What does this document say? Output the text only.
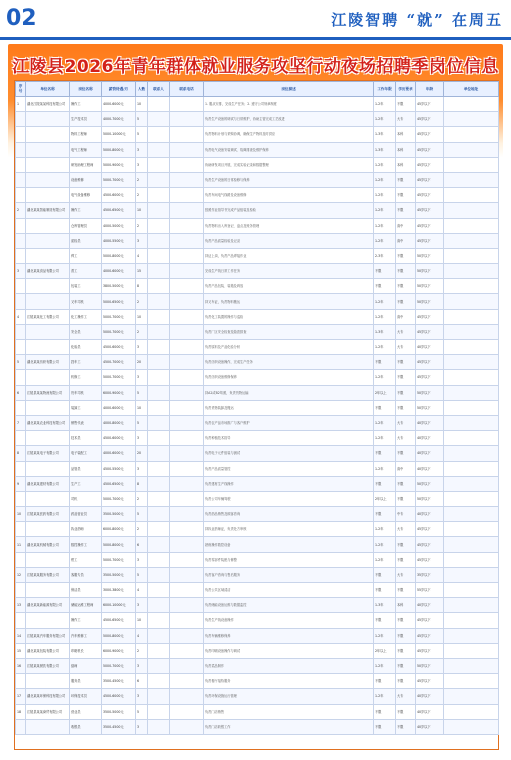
02	江陵智聘 “就” 在周五
江陵县2026年青年群体就业服务攻坚行动夜场招聘季岗位信息
序号	单位名称	岗位名称	薪资待遇/月	人数	联系人	联系电话	岗位描述	工作年限	学历要求	年龄	单位地址
1	湖北江陵某某科技有限公司	操作工	4000-6000元	10			1. 服从安排，完成生产任务；2. 遵守公司规章制度	1-2年	不限	45岁以下	
		生产技术员	4000-7000元	5			负责生产设备的调试与日常维护，协助主管完成工艺改进	1-2年	大专	45岁以下	
		物料工程师	5000-10000元	5			负责物料计划与采购协调，确保生产物料及时供应	1-3年	本科	45岁以下	
		电气工程师	5000-8000元	3			负责电气设备安装调试、故障排查及维护保养	1-3年	本科	45岁以下	
		研发助理工程师	5000-9000元	3			协助研发项目开展，完成实验记录和数据整理	1-2年	本科	45岁以下	
		设备维修	5000-7000元	2			负责生产设备的日常检修与保养	1-2年	不限	45岁以下	
		电气设备维修	4500-6000元	2			负责车间电气线路及设备维修	1-2年	不限	45岁以下	
2	湖北某某智能制造有限公司	操作工	4500-6500元	10			按照作业指导书完成产品组装及检验	1-2年	不限	45岁以下	
		仓库管理员	4000-5000元	2			负责物料出入库登记、盘点及账务管理	1-2年	高中	45岁以下	
		质检员	4000-5500元	3			负责产品质量检验及记录	1-2年	高中	45岁以下	
		焊工	5000-8000元	4			持证上岗，负责产品焊接作业	2-3年	不限	50岁以下	
3	湖北某某食品有限公司	普工	4000-6000元	15			完成生产线日常工作任务	不限	不限	50岁以下	
		包装工	3800-5000元	8			负责产品包装、装箱及码放	不限	不限	50岁以下	
		叉车司机	5000-6500元	2			持叉车证，负责物料搬运	1-2年	不限	50岁以下	
4	江陵某某化工有限公司	化工操作工	5000-7000元	10			负责化工装置的操作与巡检	1-2年	高中	45岁以下	
		安全员	5000-7000元	2			负责厂区安全检查及隐患排查	1-3年	大专	45岁以下	
		化验员	4500-6000元	3			负责原料及产品化验分析	1-2年	大专	40岁以下	
5	湖北某某纺织有限公司	挡车工	4500-7000元	20			负责纺织设备操作，完成生产任务	不限	不限	45岁以下	
		机修工	5000-7000元	3			负责纺织设备维修保养	1-2年	不限	45岁以下	
6	江陵县某某物流有限公司	货车司机	6000-9000元	5			持A2或B2驾照，负责货物运输	2年以上	不限	50岁以下	
		装卸工	4000-6000元	10			负责货物装卸及搬运	不限	不限	50岁以下	
7	湖北某某农业科技有限公司	销售代表	4000-8000元	5			负责农产品市场推广与客户维护	1-2年	大专	40岁以下	
		技术员	4500-6000元	3			负责种植技术指导	1-2年	大专	40岁以下	
8	江陵某某电子有限公司	电子装配工	4000-6000元	20			负责电子元件组装与测试	不限	不限	40岁以下	
		品管员	4500-5500元	3			负责产品质量管控	1-2年	高中	40岁以下	
9	湖北某某建材有限公司	生产工	4500-6500元	8			负责建材生产线操作	不限	不限	50岁以下	
		司机	5000-7000元	2			负责公司车辆驾驶	2年以上	不限	50岁以下	
10	江陵某某医药有限公司	药品营业员	3500-5000元	5			负责药品销售及顾客咨询	不限	中专	40岁以下	
		执业药师	6000-8000元	2			持执业药师证，负责处方审核	1-2年	大专	45岁以下	
11	湖北某某机械有限公司	数控操作工	5000-8000元	6			熟练操作数控设备	1-2年	不限	45岁以下	
		钳工	5000-7000元	3			负责零部件装配与修整	1-2年	不限	45岁以下	
12	江陵某某服务有限公司	客服专员	3500-5000元	5			负责客户咨询与售后服务	不限	大专	35岁以下	
		保洁员	3000-3800元	4			负责公共区域清洁	不限	不限	55岁以下	
13	湖北某某新能源有限公司	储能运维工程师	6000-10000元	3			负责储能设备运维与数据监控	1-3年	本科	40岁以下	
		操作工	4500-6500元	10			负责生产线设备操作	不限	不限	45岁以下	
14	江陵某某汽车服务有限公司	汽车维修工	5000-8000元	4			负责车辆维修保养	1-2年	不限	45岁以下	
15	湖北某某包装有限公司	印刷机长	6000-9000元	2			负责印刷设备操作与调试	2年以上	不限	45岁以下	
16	江陵某某餐饮有限公司	厨师	5000-7000元	3			负责菜品制作	1-2年	不限	50岁以下	
		服务员	3500-4500元	6			负责餐厅接待服务	不限	不限	45岁以下	
17	湖北某某环保科技有限公司	环保技术员	4500-6000元	3			负责环保设施运行管理	1-2年	大专	40岁以下	
18	江陵县某某商贸有限公司	营业员	3500-5000元	5			负责门店销售	不限	不限	40岁以下	
		收银员	3500-4500元	3			负责门店收银工作	不限	不限	40岁以下	
